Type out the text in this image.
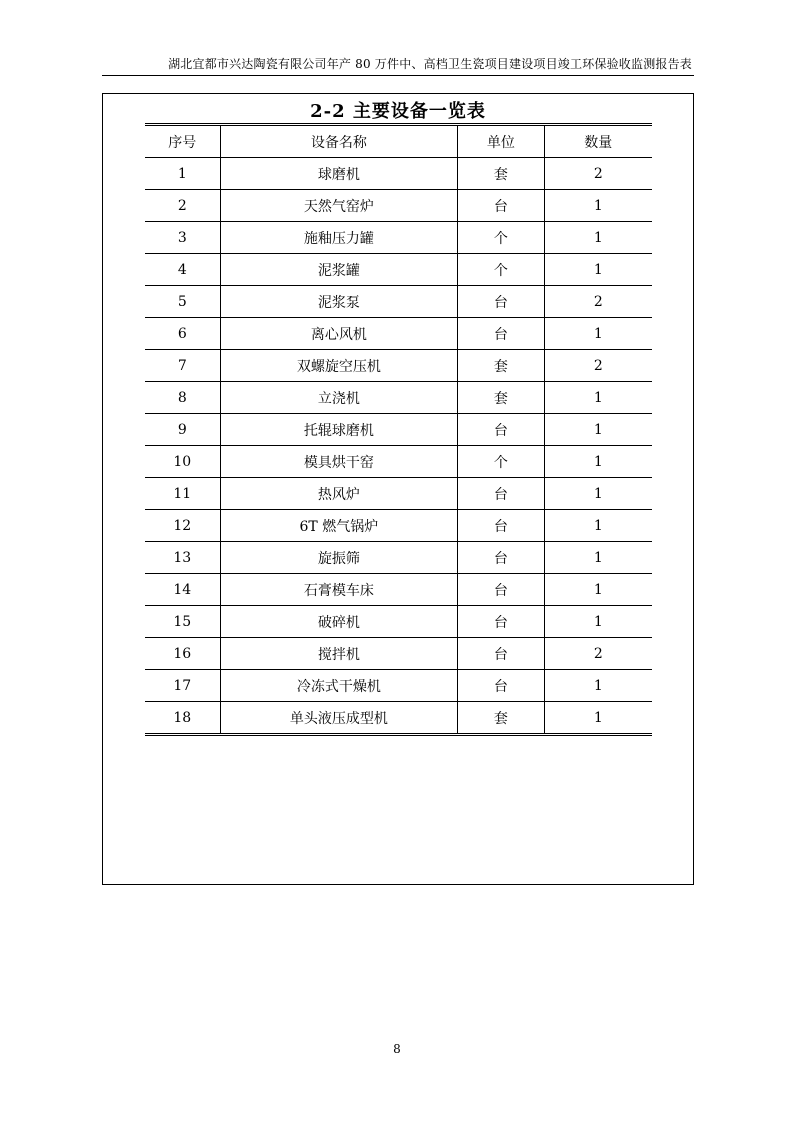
湖北宜都市兴达陶瓷有限公司年产 80 万件中、高档卫生瓷项目建设项目竣工环保验收监测报告表
2-2 主要设备一览表
序号	设备名称	单位	数量
1	球磨机	套	2
2	天然气窑炉	台	1
3	施釉压力罐	个	1
4	泥浆罐	个	1
5	泥浆泵	台	2
6	离心风机	台	1
7	双螺旋空压机	套	2
8	立浇机	套	1
9	托辊球磨机	台	1
10	模具烘干窑	个	1
11	热风炉	台	1
12	6T 燃气锅炉	台	1
13	旋振筛	台	1
14	石膏模车床	台	1
15	破碎机	台	1
16	搅拌机	台	2
17	冷冻式干燥机	台	1
18	单头液压成型机	套	1
8
